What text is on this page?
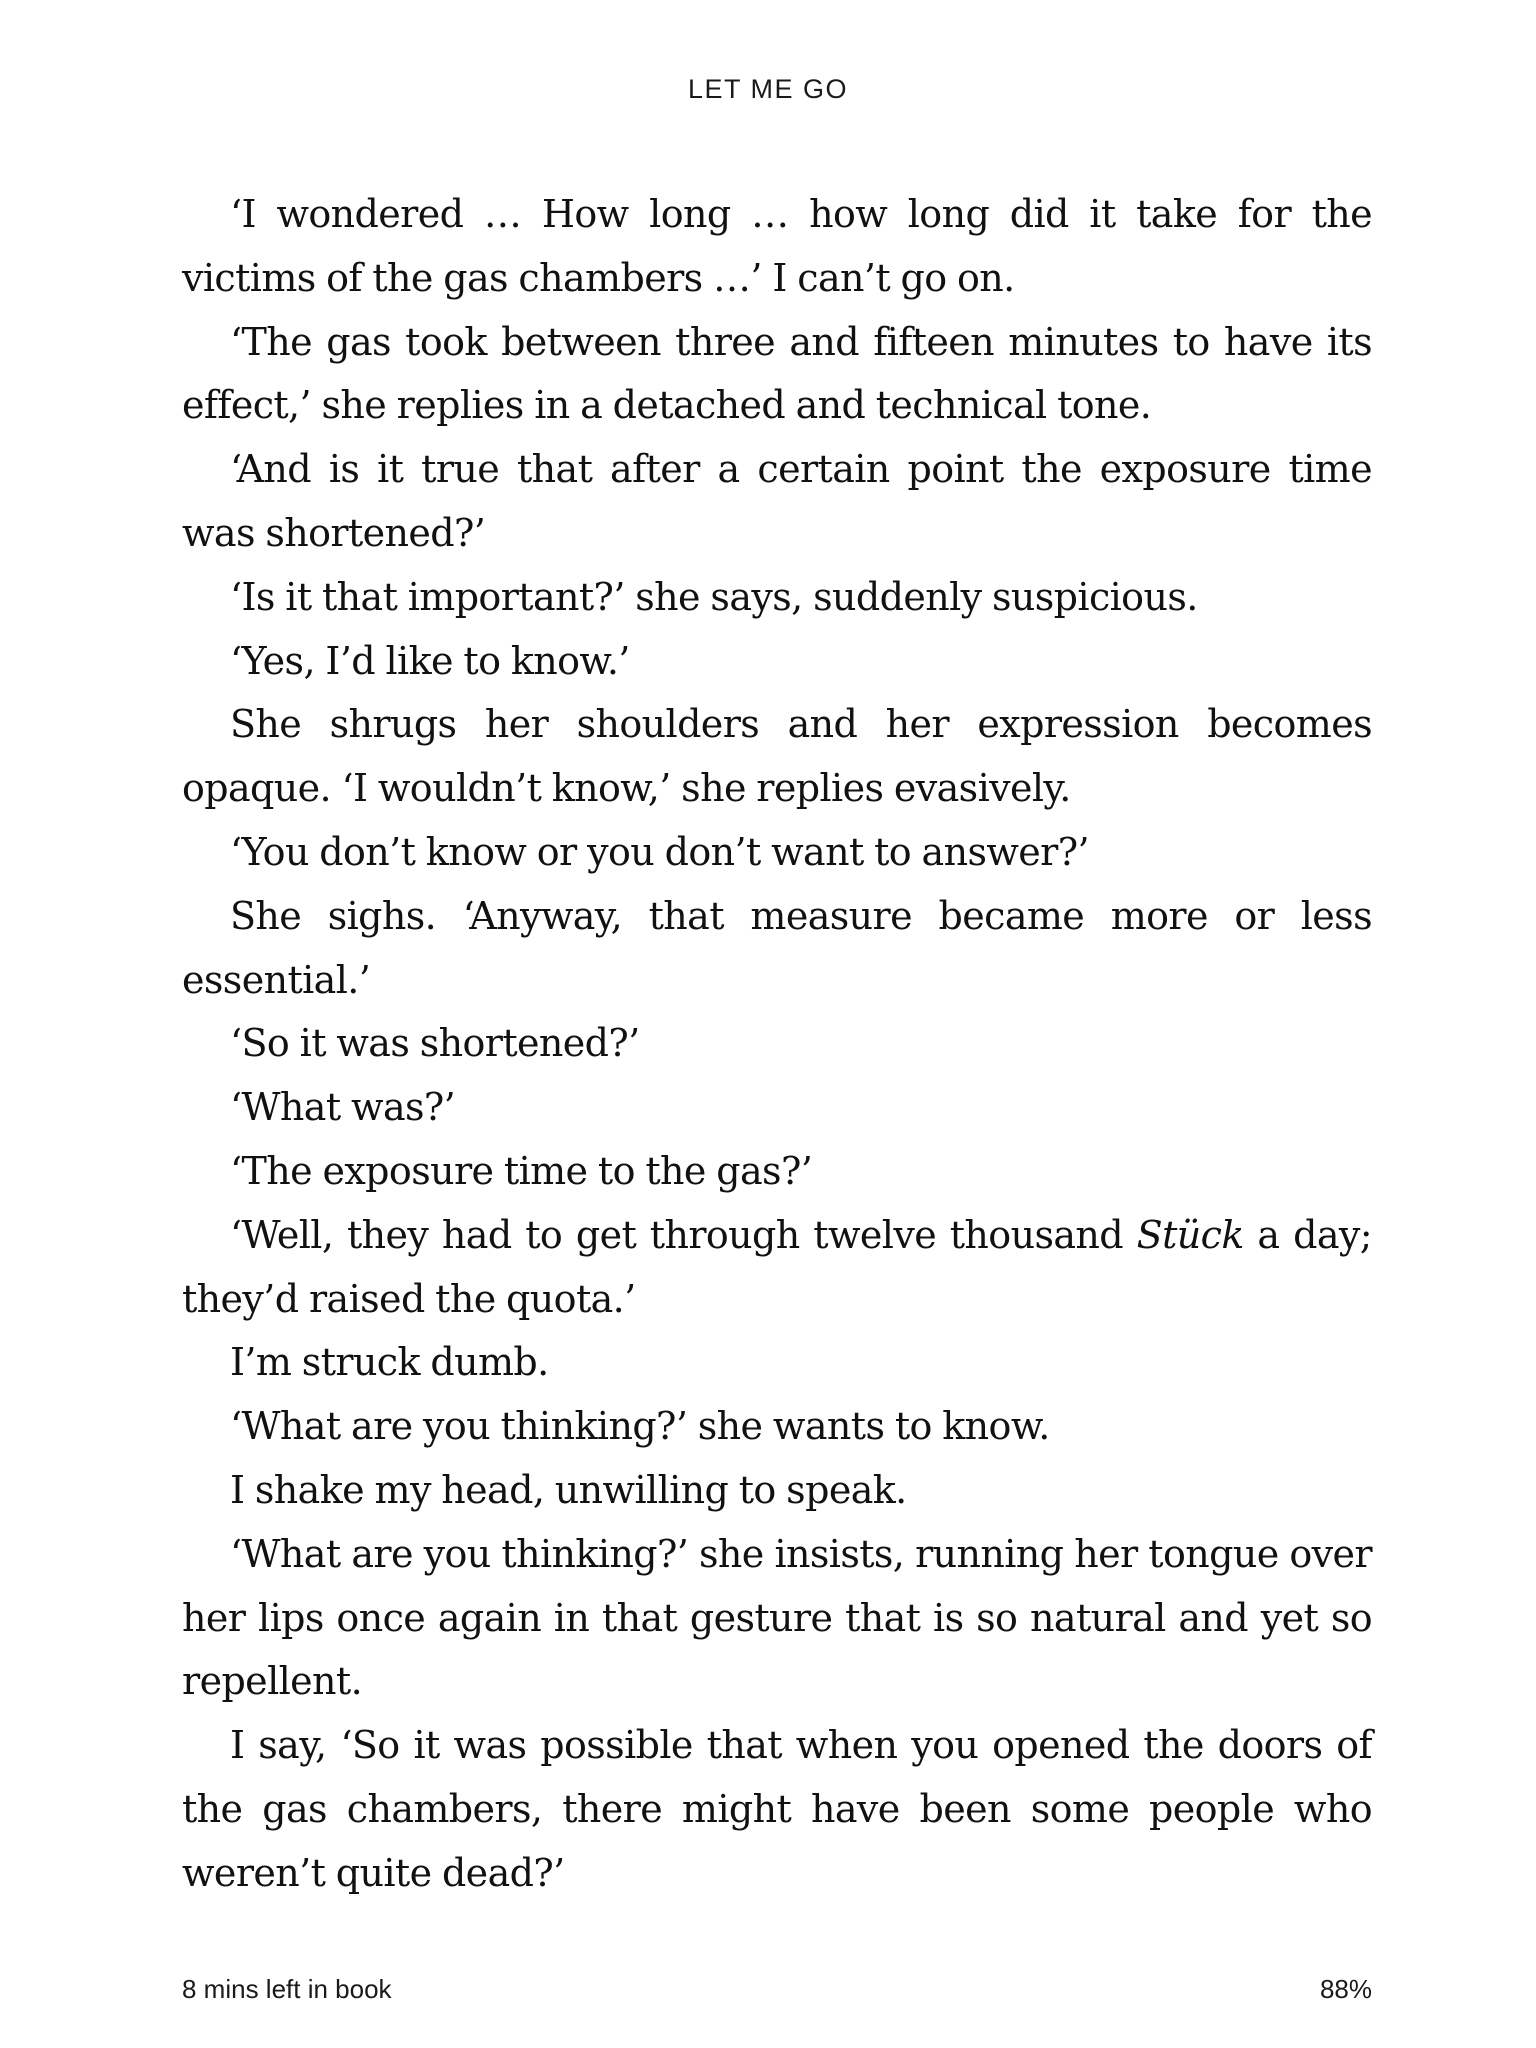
LET ME GO

‘I wondered … How long … how long did it take for the victims of the gas chambers …’ I can’t go on.

‘The gas took between three and fifteen minutes to have its effect,’ she replies in a detached and technical tone.

‘And is it true that after a certain point the exposure time was shortened?’

‘Is it that important?’ she says, suddenly suspicious.

‘Yes, I’d like to know.’

She shrugs her shoulders and her expression becomes opaque. ‘I wouldn’t know,’ she replies evasively.

‘You don’t know or you don’t want to answer?’

She sighs. ‘Anyway, that measure became more or less essential.’

‘So it was shortened?’

‘What was?’

‘The exposure time to the gas?’

‘Well, they had to get through twelve thousand Stück a day; they’d raised the quota.’

I’m struck dumb.

‘What are you thinking?’ she wants to know.

I shake my head, unwilling to speak.

‘What are you thinking?’ she insists, running her tongue over her lips once again in that gesture that is so natural and yet so repellent.

I say, ‘So it was possible that when you opened the doors of the gas chambers, there might have been some people who weren’t quite dead?’

8 mins left in book	88%
